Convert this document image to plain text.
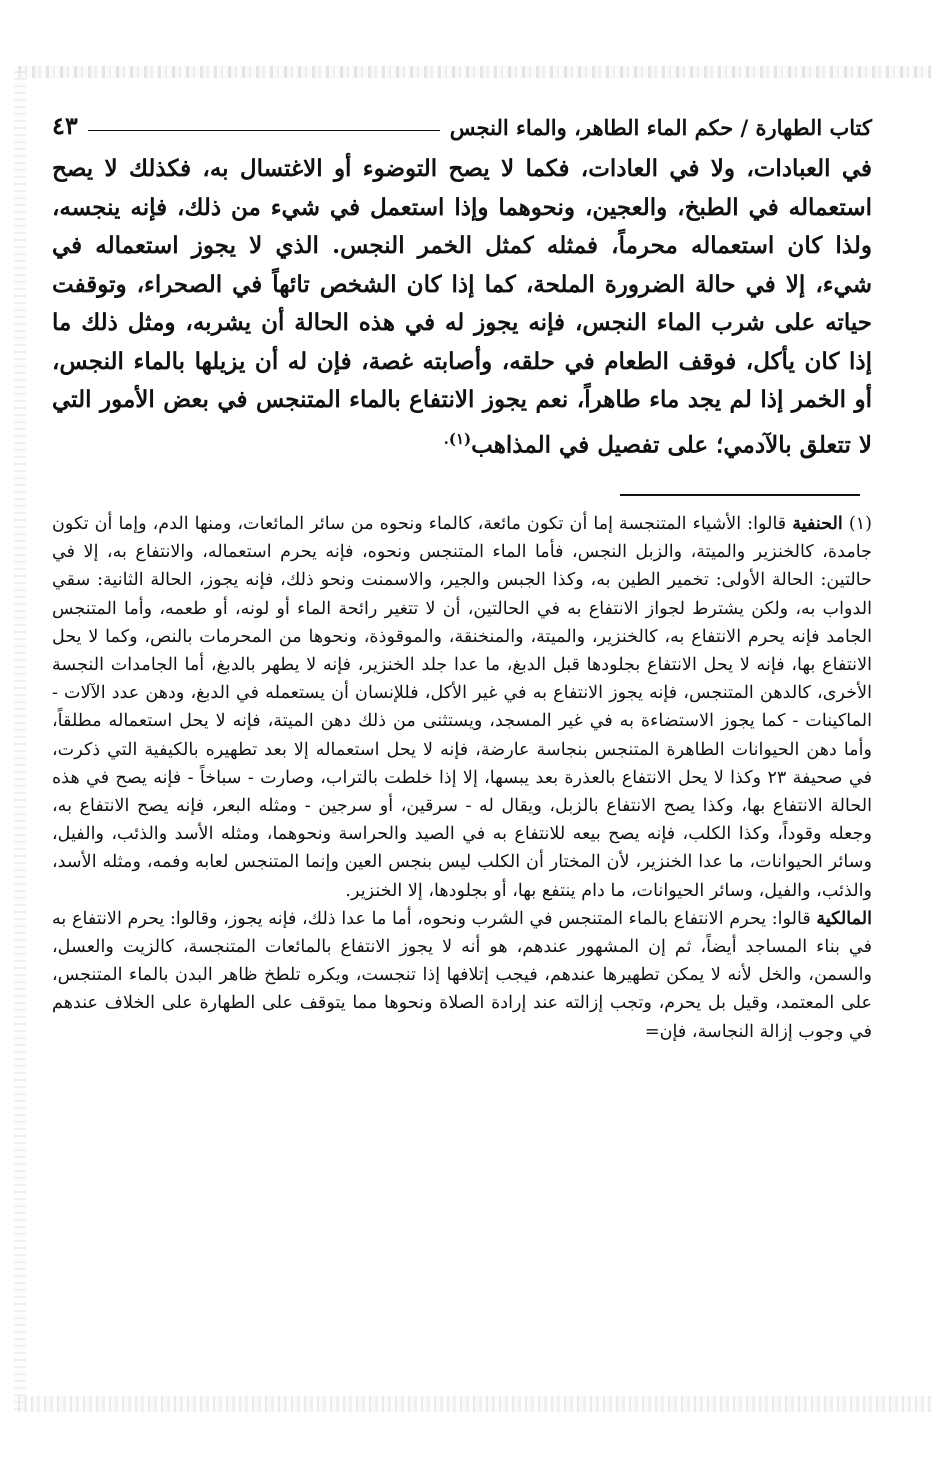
كتاب الطهارة / حكم الماء الطاهر، والماء النجس
٤٣

في العبادات، ولا في العادات، فكما لا يصح التوضوء أو الاغتسال به، فكذلك لا يصح استعماله في الطبخ، والعجين، ونحوهما وإذا استعمل في شيء من ذلك، فإنه ينجسه، ولذا كان استعماله محرماً، فمثله كمثل الخمر النجس. الذي لا يجوز استعماله في شيء، إلا في حالة الضرورة الملحة، كما إذا كان الشخص تائهاً في الصحراء، وتوقفت حياته على شرب الماء النجس، فإنه يجوز له في هذه الحالة أن يشربه، ومثل ذلك ما إذا كان يأكل، فوقف الطعام في حلقه، وأصابته غصة، فإن له أن يزيلها بالماء النجس، أو الخمر إذا لم يجد ماء طاهراً، نعم يجوز الانتفاع بالماء المتنجس في بعض الأمور التي لا تتعلق بالآدمي؛ على تفصيل في المذاهب$^{(١).}$

(١) الحنفية قالوا: الأشياء المتنجسة إما أن تكون مائعة، كالماء ونحوه من سائر المائعات، ومنها الدم، وإما أن تكون جامدة، كالخنزير والميتة، والزبل النجس، فأما الماء المتنجس ونحوه، فإنه يحرم استعماله، والانتفاع به، إلا في حالتين: الحالة الأولى: تخمير الطين به، وكذا الجبس والجير، والاسمنت ونحو ذلك، فإنه يجوز، الحالة الثانية: سقي الدواب به، ولكن يشترط لجواز الانتفاع به في الحالتين، أن لا تتغير رائحة الماء أو لونه، أو طعمه، وأما المتنجس الجامد فإنه يحرم الانتفاع به، كالخنزير، والميتة، والمنخنقة، والموقوذة، ونحوها من المحرمات بالنص، وكما لا يحل الانتفاع بها، فإنه لا يحل الانتفاع بجلودها قبل الدبغ، ما عدا جلد الخنزير، فإنه لا يطهر بالدبغ، أما الجامدات النجسة الأخرى، كالدهن المتنجس، فإنه يجوز الانتفاع به في غير الأكل، فللإنسان أن يستعمله في الدبغ، ودهن عدد الآلات - الماكينات - كما يجوز الاستضاءة به في غير المسجد، ويستثنى من ذلك دهن الميتة، فإنه لا يحل استعماله مطلقاً، وأما دهن الحيوانات الطاهرة المتنجس بنجاسة عارضة، فإنه لا يحل استعماله إلا بعد تطهيره بالكيفية التي ذكرت، في صحيفة ٢٣ وكذا لا يحل الانتفاع بالعذرة بعد يبسها، إلا إذا خلطت بالتراب، وصارت - سباخاً - فإنه يصح في هذه الحالة الانتفاع بها، وكذا يصح الانتفاع بالزبل، ويقال له - سرقين، أو سرجين - ومثله البعر، فإنه يصح الانتفاع به، وجعله وقوداً، وكذا الكلب، فإنه يصح بيعه للانتفاع به في الصيد والحراسة ونحوهما، ومثله الأسد والذئب، والفيل، وسائر الحيوانات، ما عدا الخنزير، لأن المختار أن الكلب ليس بنجس العين وإنما المتنجس لعابه وفمه، ومثله الأسد، والذئب، والفيل، وسائر الحيوانات، ما دام ينتفع بها، أو بجلودها، إلا الخنزير.

المالكية قالوا: يحرم الانتفاع بالماء المتنجس في الشرب ونحوه، أما ما عدا ذلك، فإنه يجوز، وقالوا: يحرم الانتفاع به في بناء المساجد أيضاً، ثم إن المشهور عندهم، هو أنه لا يجوز الانتفاع بالمائعات المتنجسة، كالزيت والعسل، والسمن، والخل لأنه لا يمكن تطهيرها عندهم، فيجب إتلافها إذا تنجست، ويكره تلطخ ظاهر البدن بالماء المتنجس، على المعتمد، وقيل بل يحرم، وتجب إزالته عند إرادة الصلاة ونحوها مما يتوقف على الطهارة على الخلاف عندهم في وجوب إزالة النجاسة، فإن=
